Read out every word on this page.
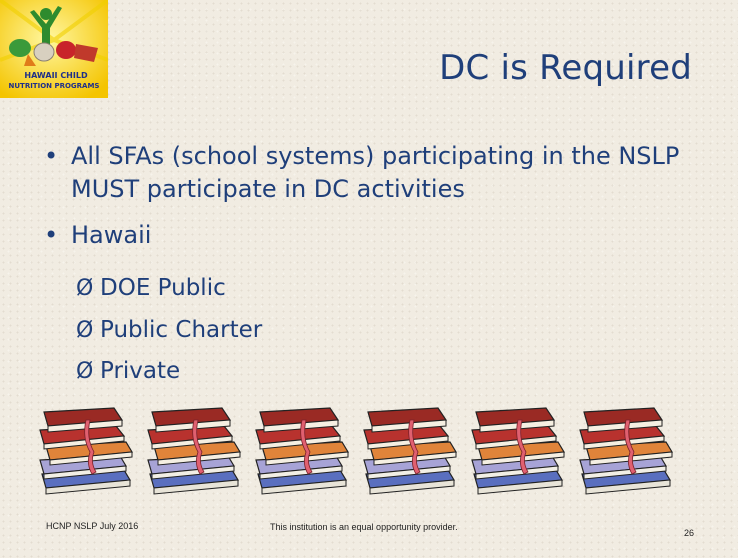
HAWAII CHILD
NUTRITION PROGRAMS	DC is Required
• All SFAs (school systems) participating in the NSLP MUST participate in DC activities
• Hawaii
Ø DOE Public
Ø Public Charter
Ø Private
HCNP NSLP July 2016	This institution is an equal opportunity provider.
26
